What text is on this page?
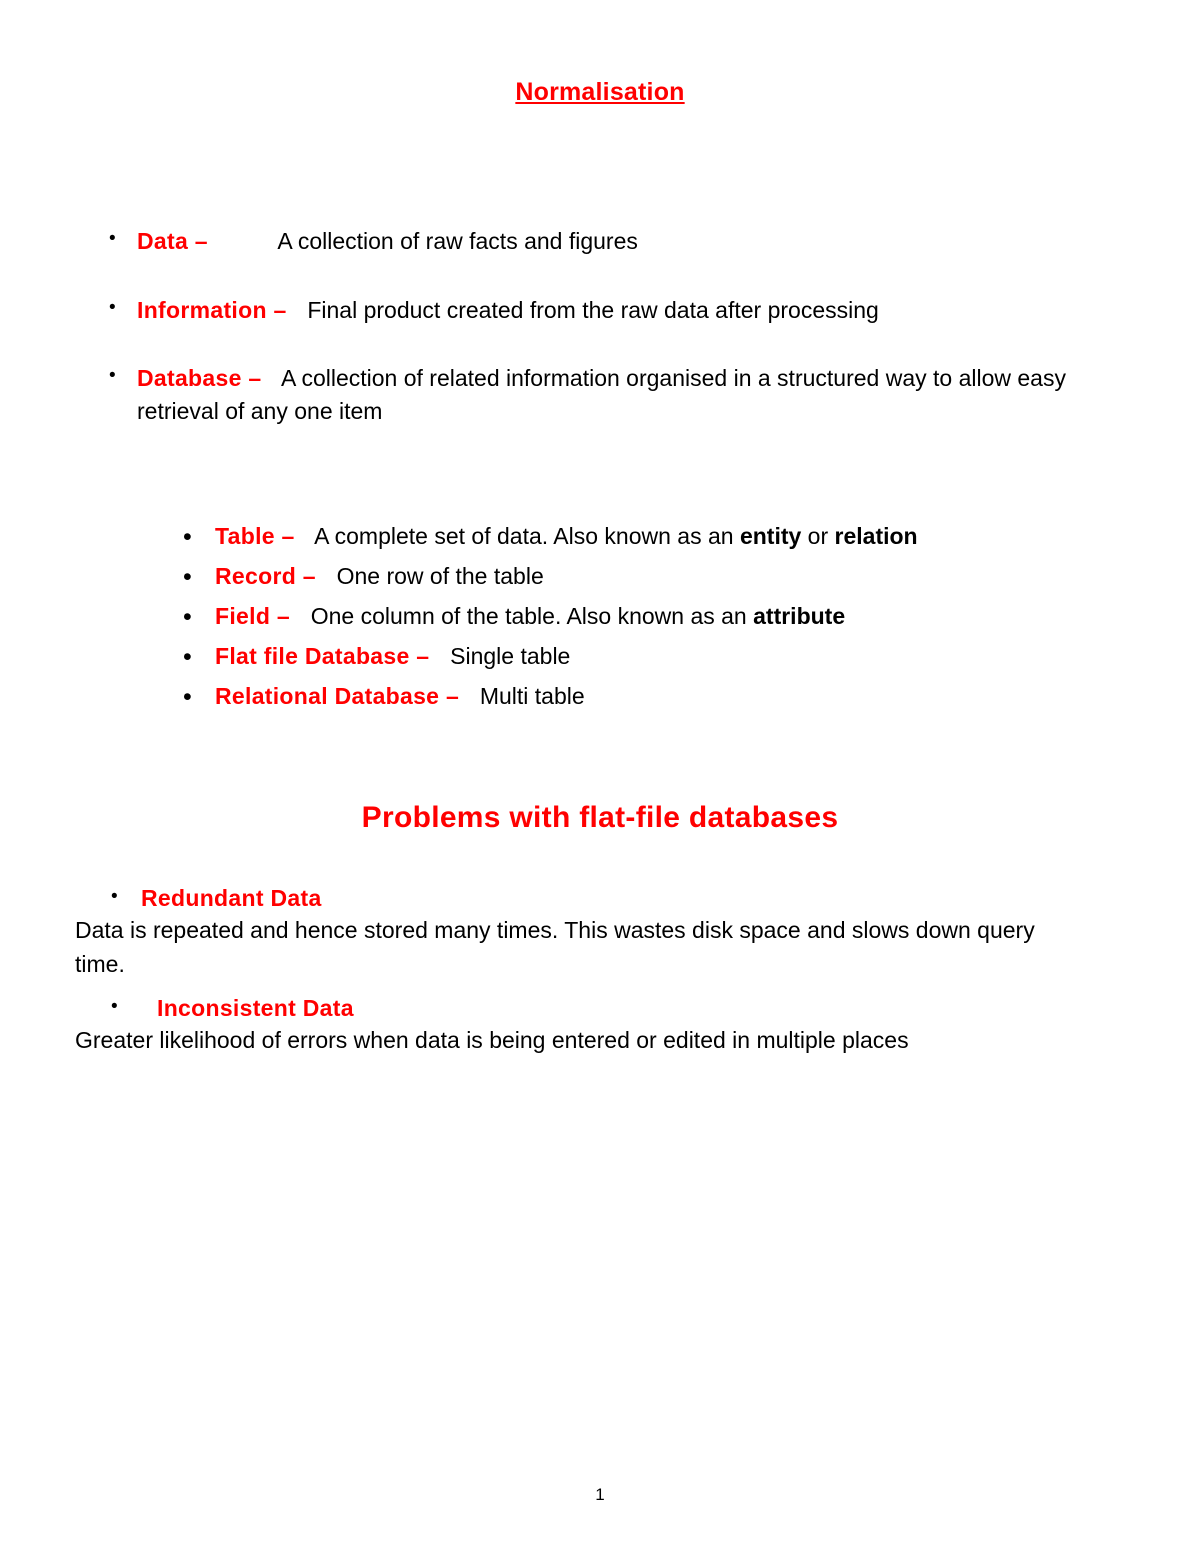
Normalisation
• Data –	A collection of raw facts and figures
• Information – Final product created from the raw data after processing
• Database – A collection of related information organised in a structured way to allow easy retrieval of any one item
• Table – A complete set of data. Also known as an entity or relation
• Record – One row of the table
• Field – One column of the table. Also known as an attribute
• Flat file Database – Single table
• Relational Database – Multi table
Problems with flat-file databases
• Redundant Data

Data is repeated and hence stored many times. This wastes disk space and slows down query time.

• Inconsistent Data

Greater likelihood of errors when data is being entered or edited in multiple places

1
